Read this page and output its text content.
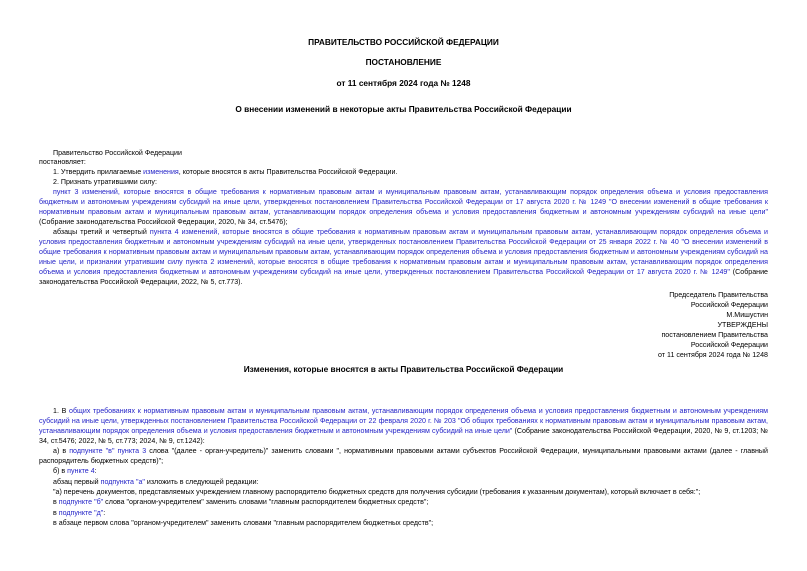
ПРАВИТЕЛЬСТВО РОССИЙСКОЙ ФЕДЕРАЦИИ
ПОСТАНОВЛЕНИЕ
от 11 сентября 2024 года № 1248
О внесении изменений в некоторые акты Правительства Российской Федерации
Правительство Российской Федерации
постановляет:
1. Утвердить прилагаемые изменения, которые вносятся в акты Правительства Российской Федерации.
2. Признать утратившими силу:
пункт 3 изменений, которые вносятся в общие требования к нормативным правовым актам и муниципальным правовым актам, устанавливающим порядок определения объема и условия предоставления бюджетным и автономным учреждениям субсидий на иные цели, утвержденных постановлением Правительства Российской Федерации от 17 августа 2020 г. № 1249 "О внесении изменений в общие требования к нормативным правовым актам и муниципальным правовым актам, устанавливающим порядок определения объема и условия предоставления бюджетным и автономным учреждениям субсидий на иные цели" (Собрание законодательства Российской Федерации, 2020, № 34, ст.5476);
абзацы третий и четвертый пункта 4 изменений, которые вносятся в общие требования к нормативным правовым актам и муниципальным правовым актам, устанавливающим порядок определения объема и условия предоставления бюджетным и автономным учреждениям субсидий на иные цели, утвержденных постановлением Правительства Российской Федерации от 25 января 2022 г. № 40 "О внесении изменений в общие требования к нормативным правовым актам и муниципальным правовым актам, устанавливающим порядок определения объема и условия предоставления бюджетным и автономным учреждениям субсидий на иные цели, и признании утратившим силу пункта 2 изменений, которые вносятся в общие требования к нормативным правовым актам и муниципальным правовым актам, устанавливающим порядок определения объема и условия предоставления бюджетным и автономным учреждениям субсидий на иные цели, утвержденных постановлением Правительства Российской Федерации от 17 августа 2020 г. № 1249" (Собрание законодательства Российской Федерации, 2022, № 5, ст.773).
Председатель Правительства
Российской Федерации
М.Мишустин
УТВЕРЖДЕНЫ
постановлением Правительства
Российской Федерации
от 11 сентября 2024 года № 1248
Изменения, которые вносятся в акты Правительства Российской Федерации
1. В общих требованиях к нормативным правовым актам и муниципальным правовым актам, устанавливающим порядок определения объема и условия предоставления бюджетным и автономным учреждениям субсидий на иные цели, утвержденных постановлением Правительства Российской Федерации от 22 февраля 2020 г. № 203 "Об общих требованиях к нормативным правовым актам и муниципальным правовым актам, устанавливающим порядок определения объема и условия предоставления бюджетным и автономным учреждениям субсидий на иные цели" (Собрание законодательства Российской Федерации, 2020, № 9, ст.1203; № 34, ст.5476; 2022, № 5, ст.773; 2024, № 9, ст.1242):
а) в подпункте "в" пункта 3 слова "(далее - орган-учредитель)" заменить словами ", нормативными правовыми актами субъектов Российской Федерации, муниципальными правовыми актами (далее - главный распорядитель бюджетных средств)";
б) в пункте 4:
абзац первый подпункта "а" изложить в следующей редакции:
"а) перечень документов, представляемых учреждением главному распорядителю бюджетных средств для получения субсидии (требования к указанным документам), который включает в себя:";
в подпункте "б" слова "органом-учредителем" заменить словами "главным распорядителем бюджетных средств";
в подпункте "д":
в абзаце первом слова "органом-учредителем" заменить словами "главным распорядителем бюджетных средств";
